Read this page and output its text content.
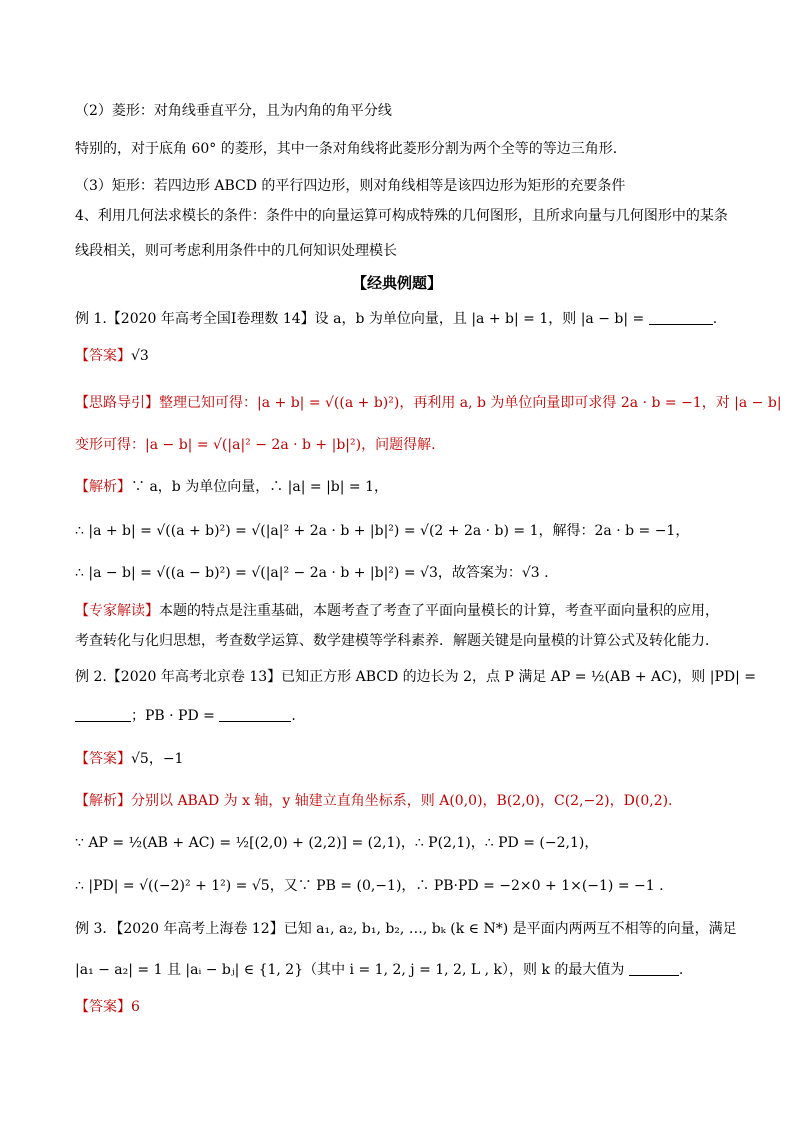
（2）菱形：对角线垂直平分，且为内角的角平分线
特别的，对于底角 60° 的菱形，其中一条对角线将此菱形分割为两个全等的等边三角形.
（3）矩形：若四边形 ABCD 的平行四边形，则对角线相等是该四边形为矩形的充要条件
4、利用几何法求模长的条件：条件中的向量运算可构成特殊的几何图形，且所求向量与几何图形中的某条
线段相关，则可考虑利用条件中的几何知识处理模长
【经典例题】
例 1.【2020 年高考全国Ⅰ卷理数 14】设 a，b 为单位向量，且 |a + b| = 1，则 |a − b| =	.
【答案】√3
【思路导引】整理已知可得：|a + b| = √((a + b)²)，再利用 a, b 为单位向量即可求得 2a · b = −1，对 |a − b|
变形可得：|a − b| = √(|a|² − 2a · b + |b|²)，问题得解.
【解析】∵ a，b 为单位向量，∴ |a| = |b| = 1，
∴ |a + b| = √((a + b)²) = √(|a|² + 2a · b + |b|²) = √(2 + 2a · b) = 1，解得：2a · b = −1，
∴ |a − b| = √((a − b)²) = √(|a|² − 2a · b + |b|²) = √3，故答案为：√3 .
【专家解读】本题的特点是注重基础，本题考查了考查了平面向量模长的计算，考查平面向量积的应用，
考查转化与化归思想，考查数学运算、数学建模等学科素养．解题关键是向量模的计算公式及转化能力．
例 2.【2020 年高考北京卷 13】已知正方形 ABCD 的边长为 2，点 P 满足 AP = ½(AB + AC)，则 |PD| =
；PB · PD =	.
【答案】√5，−1
【解析】分别以 ABAD 为 x 轴，y 轴建立直角坐标系，则 A(0,0)，B(2,0)，C(2,−2)，D(0,2).
∵ AP = ½(AB + AC) = ½[(2,0) + (2,2)] = (2,1)，∴ P(2,1)，∴ PD = (−2,1)，
∴ |PD| = √((−2)² + 1²) = √5，又∵ PB = (0,−1)，∴ PB·PD = −2×0 + 1×(−1) = −1 .
例 3．【2020 年高考上海卷 12】已知 a₁, a₂, b₁, b₂, …, bₖ (k ∈ N*) 是平面内两两互不相等的向量，满足
|a₁ − a₂| = 1 且 |aᵢ − bⱼ| ∈ {1, 2}（其中 i = 1, 2, j = 1, 2, L , k），则 k 的最大值为	.
【答案】6
